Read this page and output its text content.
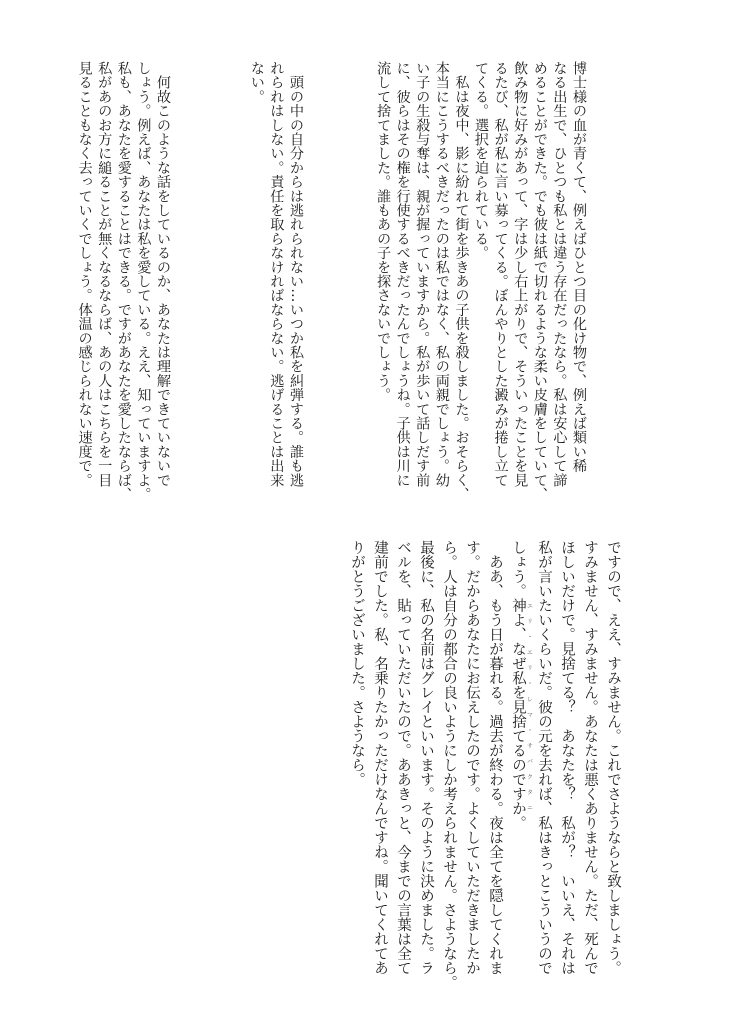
博士様の血が青くて、例えばひとつ目の化け物で、例えば類い稀
なる出生で、ひとつも私とは違う存在だったなら。私は安心して諦
めることができた。でも彼は紙で切れるような柔い皮膚をしていて、
飲み物に好みがあって、字は少し右上がりで、そういったことを見
るたび、私が私に言い募ってくる。ぼんやりとした澱みが捲し立て
てくる。選択を迫られている。
　私は夜中、影に紛れて街を歩きあの子供を殺しました。おそらく、
本当にこうするべきだったのは私ではなく、私の両親でしょう。幼
い子の生殺与奪は、親が握っていますから。私が歩いて話しだす前
に、彼らはその権を行使するべきだったんでしょうね。子供は川に
流して捨てました。誰もあの子を探さないでしょう。
　頭の中の自分からは逃れられない…いつか私を糾弾する。誰も逃
れられはしない。責任を取らなければならない。逃げることは出来
ない。
　何故このような話をしているのか、あなたは理解できていないで
しょう。例えば、あなたは私を愛している。ええ、知っていますよ。
私も、あなたを愛することはできる。ですがあなたを愛したならば、
私があのお方に縋ることが無くなるならば、あの人はこちらを一目
見ることもなく去っていくでしょう。体温の感じられない速度で。
ですので、ええ、すみません。これでさようならと致しましょう。
すみません、すみません。あなたは悪くありません。ただ、死んで
ほしいだけで。見捨てる？　あなたを？　私が？　いいえ、それは
私が言いたいくらいだ。彼の元を去れば、私はきっとこういうので
しょう。神よ、なぜ私を見捨てるのですか エリ・エリ・レマ・サバクタニ。
　ああ、もう日が暮れる。過去が終わる。夜は全てを隠してくれま
す。だからあなたにお伝えしたのです。よくしていただきましたか
ら。人は自分の都合の良いようにしか考えられません。さようなら。
最後に、私の名前はグレイといいます。そのように決めました。ラ
ベルを、貼っていただいたので。ああきっと、今までの言葉は全て
建前でした。私、名乗りたかっただけなんですね。聞いてくれてあ
りがとうございました。さようなら。
